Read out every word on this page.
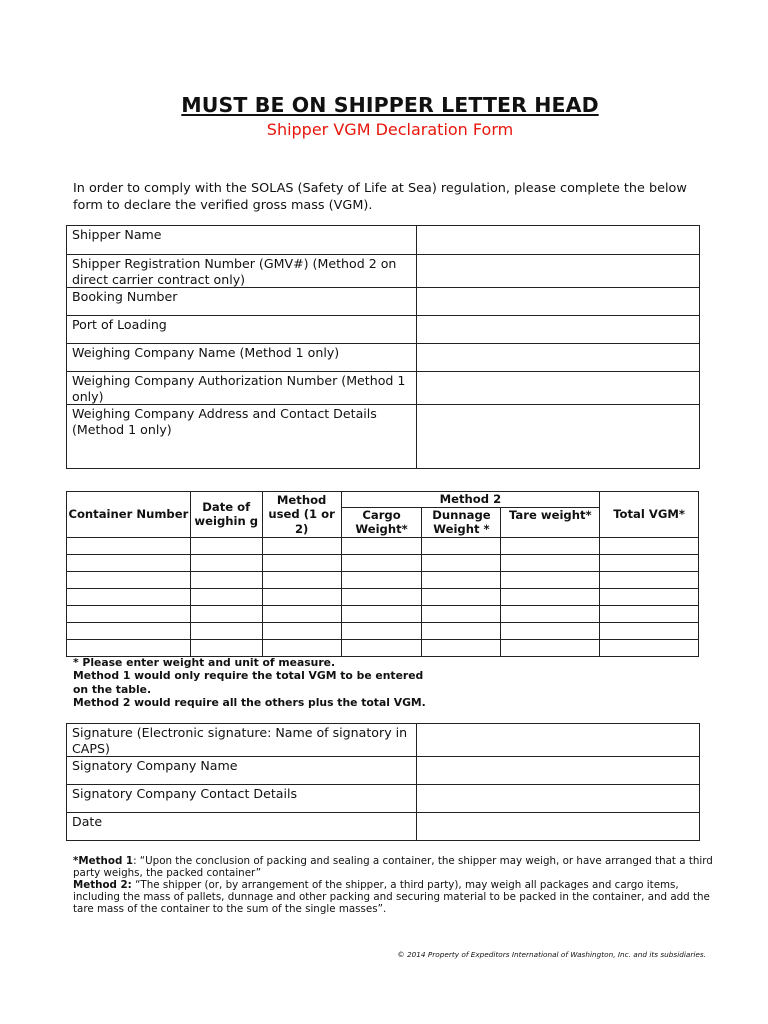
MUST BE ON SHIPPER LETTER HEAD
Shipper VGM Declaration Form
In order to comply with the SOLAS (Safety of Life at Sea) regulation, please complete the below form to declare the verified gross mass (VGM).
Shipper Name	
Shipper Registration Number (GMV#) (Method 2 on direct carrier contract only)	
Booking Number	
Port of Loading	
Weighing Company Name (Method 1 only)	
Weighing Company Authorization Number (Method 1 only)	
Weighing Company Address and Contact Details (Method 1 only)	
Container Number	Date of weighin g	Method used (1 or 2)	Method 2			Total VGM*
			Cargo Weight*	Dunnage Weight *	Tare weight*	

* Please enter weight and unit of measure.
Method 1 would only require the total VGM to be entered on the table.
Method 2 would require all the others plus the total VGM.
Signature (Electronic signature: Name of signatory in CAPS)	
Signatory Company Name	
Signatory Company Contact Details	
Date	
*Method 1: “Upon the conclusion of packing and sealing a container, the shipper may weigh, or have arranged that a third party weighs, the packed container”
Method 2: “The shipper (or, by arrangement of the shipper, a third party), may weigh all packages and cargo items, including the mass of pallets, dunnage and other packing and securing material to be packed in the container, and add the tare mass of the container to the sum of the single masses”.
© 2014 Property of Expeditors International of Washington, Inc. and its subsidiaries.
